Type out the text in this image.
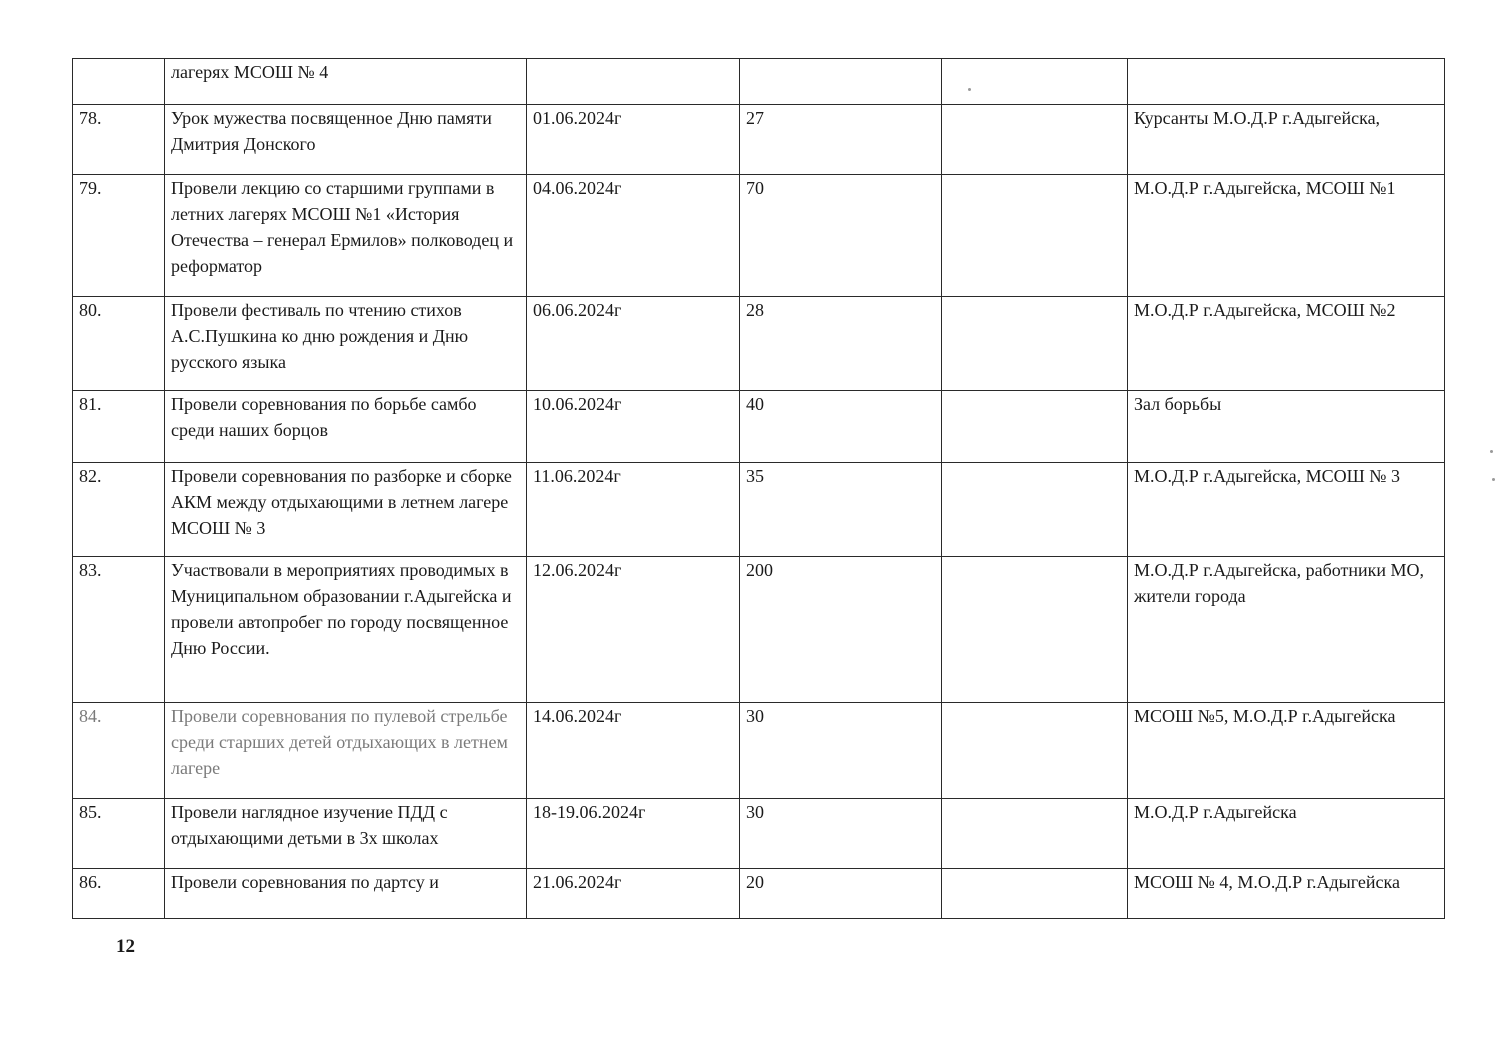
	лагерях МСОШ № 4				
78.	Урок мужества посвященное Дню памяти Дмитрия Донского	01.06.2024г	27		Курсанты М.О.Д.Р г.Адыгейска,
79.	Провели лекцию со старшими группами в летних лагерях МСОШ №1 «История Отечества – генерал Ермилов» полководец и реформатор	04.06.2024г	70		М.О.Д.Р г.Адыгейска, МСОШ №1
80.	Провели фестиваль по чтению стихов А.С.Пушкина ко дню рождения и Дню русского языка	06.06.2024г	28		М.О.Д.Р г.Адыгейска, МСОШ №2
81.	Провели соревнования по борьбе самбо среди наших борцов	10.06.2024г	40		Зал борьбы
82.	Провели соревнования по разборке и сборке АКМ между отдыхающими в летнем лагере МСОШ № 3	11.06.2024г	35		М.О.Д.Р г.Адыгейска, МСОШ № 3
83.	Участвовали в мероприятиях проводимых в Муниципальном образовании г.Адыгейска и провели автопробег по городу посвященное Дню России.	12.06.2024г	200		М.О.Д.Р г.Адыгейска, работники МО, жители города
84.	Провели соревнования по пулевой стрельбе среди старших детей отдыхающих в летнем лагере	14.06.2024г	30		МСОШ №5, М.О.Д.Р г.Адыгейска
85.	Провели наглядное изучение ПДД с отдыхающими детьми в 3х школах	18-19.06.2024г	30		М.О.Д.Р г.Адыгейска
86.	Провели соревнования по дартсу и	21.06.2024г	20		МСОШ № 4, М.О.Д.Р г.Адыгейска
12
